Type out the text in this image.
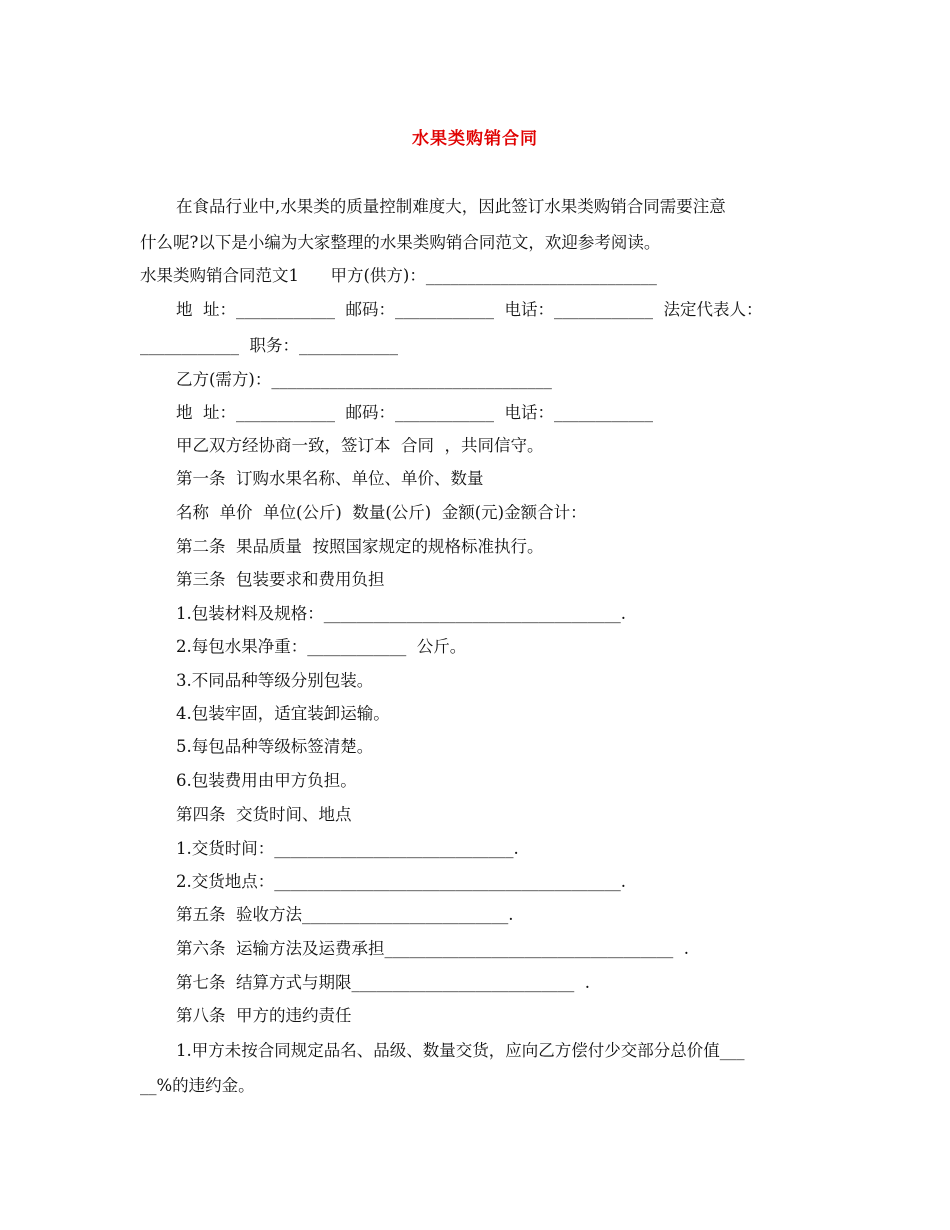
水果类购销合同
在食品行业中,水果类的质量控制难度大，因此签订水果类购销合同需要注意
什么呢?以下是小编为大家整理的水果类购销合同范文，欢迎参考阅读。
水果类购销合同范文1      甲方(供方)：____________________________
地  址：____________  邮码：____________  电话：____________  法定代表人：
____________  职务：____________
乙方(需方)：__________________________________
地  址：____________  邮码：____________  电话：____________
甲乙双方经协商一致，签订本  合同  ，共同信守。
第一条  订购水果名称、单位、单价、数量
名称  单价  单位(公斤)  数量(公斤)  金额(元)金额合计：
第二条  果品质量  按照国家规定的规格标准执行。
第三条  包装要求和费用负担
1.包装材料及规格：____________________________________.
2.每包水果净重：____________  公斤。
3.不同品种等级分别包装。
4.包装牢固，适宜装卸运输。
5.每包品种等级标签清楚。
6.包装费用由甲方负担。
第四条  交货时间、地点
1.交货时间：_____________________________.
2.交货地点：__________________________________________.
第五条  验收方法_________________________.
第六条  运输方法及运费承担___________________________________  .
第七条  结算方式与期限___________________________  .
第八条  甲方的违约责任
1.甲方未按合同规定品名、品级、数量交货，应向乙方偿付少交部分总价值___
__%的违约金。
